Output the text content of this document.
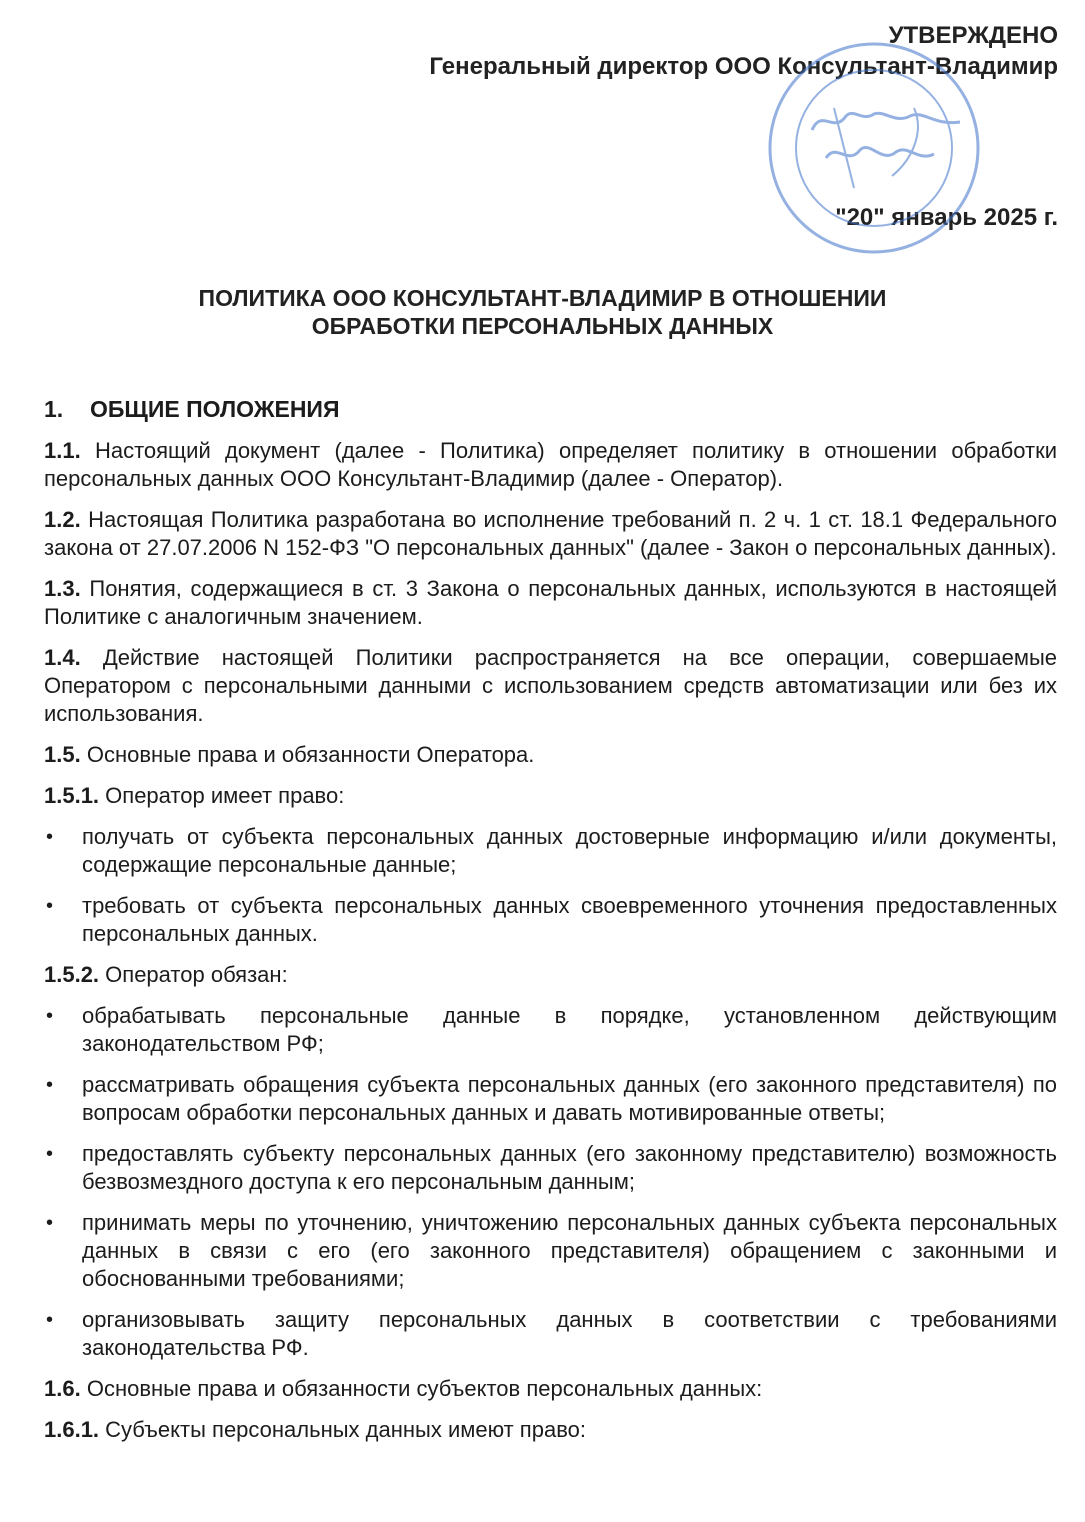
УТВЕРЖДЕНО
Генеральный директор ООО Консультант-Владимир
"20" январь 2025 г.
ПОЛИТИКА ООО КОНСУЛЬТАНТ-ВЛАДИМИР В ОТНОШЕНИИ
ОБРАБОТКИ ПЕРСОНАЛЬНЫХ ДАННЫХ
1. ОБЩИЕ ПОЛОЖЕНИЯ
1.1. Настоящий документ (далее - Политика) определяет политику в отношении обработки персональных данных ООО Консультант-Владимир (далее - Оператор).
1.2. Настоящая Политика разработана во исполнение требований п. 2 ч. 1 ст. 18.1 Федерального закона от 27.07.2006 N 152-ФЗ "О персональных данных" (далее - Закон о персональных данных).
1.3. Понятия, содержащиеся в ст. 3 Закона о персональных данных, используются в настоящей Политике с аналогичным значением.
1.4. Действие настоящей Политики распространяется на все операции, совершаемые Оператором с персональными данными с использованием средств автоматизации или без их использования.
1.5. Основные права и обязанности Оператора.
1.5.1. Оператор имеет право:
• получать от субъекта персональных данных достоверные информацию и/или документы, содержащие персональные данные;
• требовать от субъекта персональных данных своевременного уточнения предоставленных персональных данных.
1.5.2. Оператор обязан:
• обрабатывать персональные данные в порядке, установленном действующим законодательством РФ;
• рассматривать обращения субъекта персональных данных (его законного представителя) по вопросам обработки персональных данных и давать мотивированные ответы;
• предоставлять субъекту персональных данных (его законному представителю) возможность безвозмездного доступа к его персональным данным;
• принимать меры по уточнению, уничтожению персональных данных субъекта персональных данных в связи с его (его законного представителя) обращением с законными и обоснованными требованиями;
• организовывать защиту персональных данных в соответствии с требованиями законодательства РФ.
1.6. Основные права и обязанности субъектов персональных данных:
1.6.1. Субъекты персональных данных имеют право:
